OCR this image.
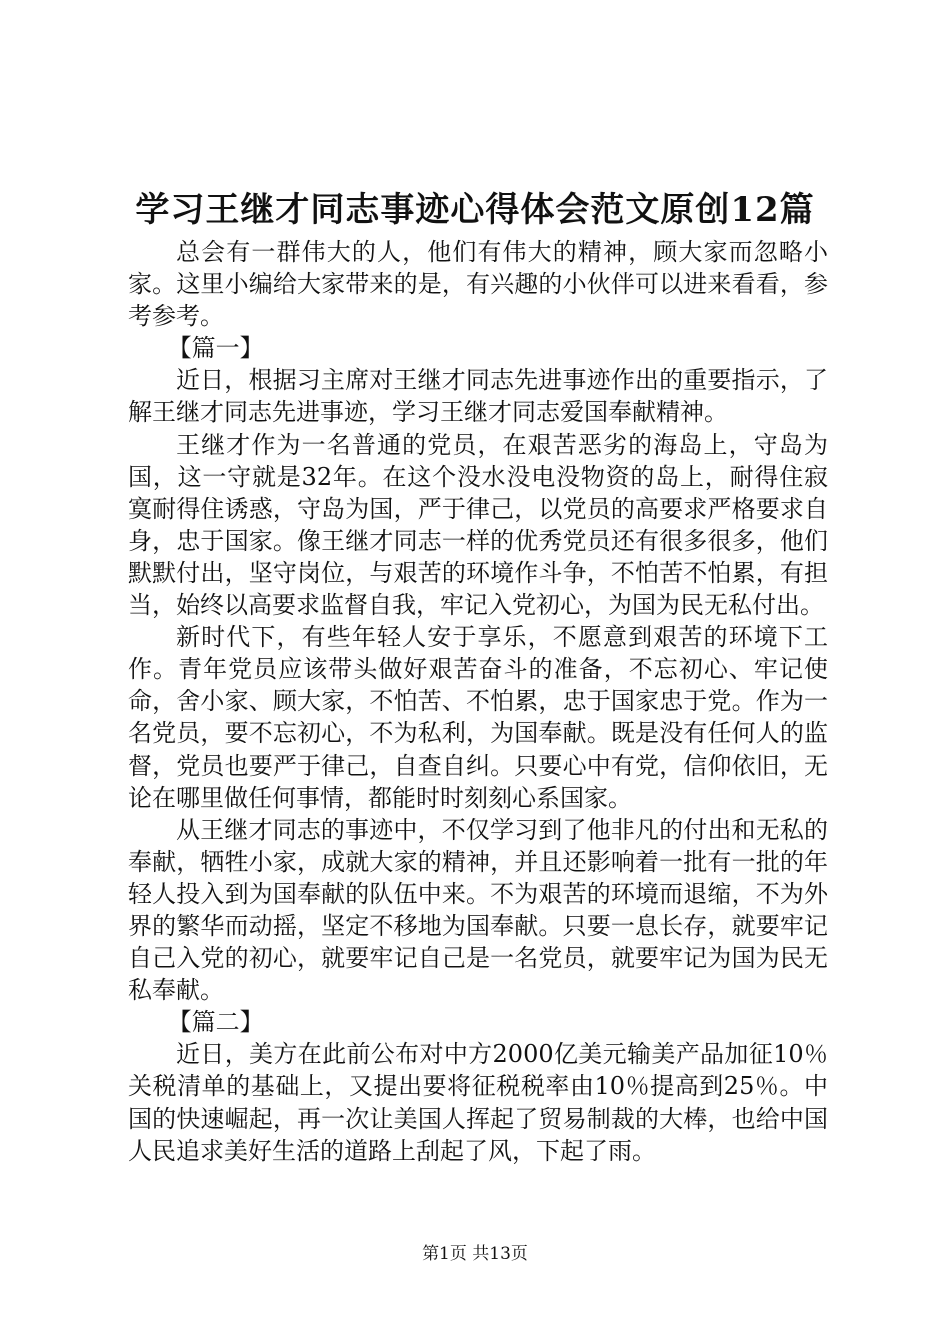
学习王继才同志事迹心得体会范文原创12篇

总会有一群伟大的人，他们有伟大的精神，顾大家而忽略小家。这里小编给大家带来的是，有兴趣的小伙伴可以进来看看，参考参考。

【篇一】

近日，根据习主席对王继才同志先进事迹作出的重要指示，了解王继才同志先进事迹，学习王继才同志爱国奉献精神。

王继才作为一名普通的党员，在艰苦恶劣的海岛上，守岛为国，这一守就是32年。在这个没水没电没物资的岛上，耐得住寂寞耐得住诱惑，守岛为国，严于律己，以党员的高要求严格要求自身，忠于国家。像王继才同志一样的优秀党员还有很多很多，他们默默付出，坚守岗位，与艰苦的环境作斗争，不怕苦不怕累，有担当，始终以高要求监督自我，牢记入党初心，为国为民无私付出。

新时代下，有些年轻人安于享乐，不愿意到艰苦的环境下工作。青年党员应该带头做好艰苦奋斗的准备，不忘初心、牢记使命，舍小家、顾大家，不怕苦、不怕累，忠于国家忠于党。作为一名党员，要不忘初心，不为私利，为国奉献。既是没有任何人的监督，党员也要严于律己，自查自纠。只要心中有党，信仰依旧，无论在哪里做任何事情，都能时时刻刻心系国家。

从王继才同志的事迹中，不仅学习到了他非凡的付出和无私的奉献，牺牲小家，成就大家的精神，并且还影响着一批有一批的年轻人投入到为国奉献的队伍中来。不为艰苦的环境而退缩，不为外界的繁华而动摇，坚定不移地为国奉献。只要一息长存，就要牢记自己入党的初心，就要牢记自己是一名党员，就要牢记为国为民无私奉献。

【篇二】

近日，美方在此前公布对中方2000亿美元输美产品加征10％关税清单的基础上，又提出要将征税税率由10％提高到25％。中国的快速崛起，再一次让美国人挥起了贸易制裁的大棒，也给中国人民追求美好生活的道路上刮起了风，下起了雨。

第1页 共13页
